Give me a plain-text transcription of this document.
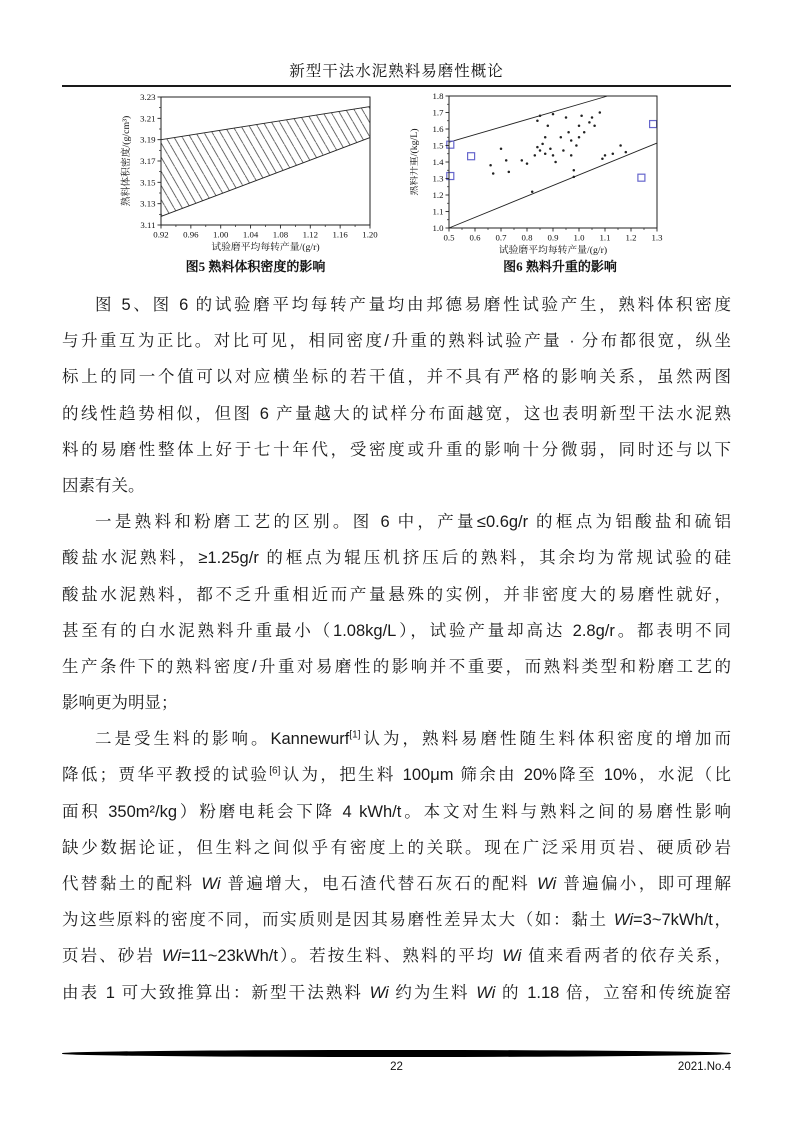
新型干法水泥熟料易磨性概论
0.92 0.96 1.00 1.04 1.08 1.12 1.16 1.20
3.11
3.13
3.15
3.17
3.19
3.21
3.23
试验磨平均每转产量/(g/r)
熟料体积密度/(g/cm³)
图5 熟料体积密度的影响
0.5 0.6 0.7 0.8 0.9 1.0 1.1 1.2 1.3
1.0
1.1
1.2
1.3
1.4
1.5
1.6
1.7
1.8
试验磨平均每转产量/(g/r)
熟料升重/(kg/L)
图6 熟料升重的影响
图 5、图 6 的试验磨平均每转产量均由邦德易磨性试验产生，熟料体积密度
与升重互为正比。对比可见，相同密度/升重的熟料试验产量 · 分布都很宽，纵坐
标上的同一个值可以对应横坐标的若干值，并不具有严格的影响关系，虽然两图
的线性趋势相似，但图 6 产量越大的试样分布面越宽，这也表明新型干法水泥熟
料的易磨性整体上好于七十年代，受密度或升重的影响十分微弱，同时还与以下
因素有关。
一是熟料和粉磨工艺的区别。图 6 中，产量≤0.6g/r 的框点为铝酸盐和硫铝
酸盐水泥熟料，≥1.25g/r 的框点为辊压机挤压后的熟料，其余均为常规试验的硅
酸盐水泥熟料，都不乏升重相近而产量悬殊的实例，并非密度大的易磨性就好，
甚至有的白水泥熟料升重最小（1.08kg/L），试验产量却高达 2.8g/r。都表明不同
生产条件下的熟料密度/升重对易磨性的影响并不重要，而熟料类型和粉磨工艺的
影响更为明显；
二是受生料的影响。Kannewurf[1]认为，熟料易磨性随生料体积密度的增加而
降低；贾华平教授的试验[6]认为，把生料 100μm 筛余由 20%降至 10%，水泥（比
面积 350m²/kg）粉磨电耗会下降 4 kWh/t。本文对生料与熟料之间的易磨性影响
缺少数据论证，但生料之间似乎有密度上的关联。现在广泛采用页岩、硬质砂岩
代替黏土的配料 Wi 普遍增大，电石渣代替石灰石的配料 Wi 普遍偏小，即可理解
为这些原料的密度不同，而实质则是因其易磨性差异太大（如：黏土 Wi=3~7kWh/t，
页岩、砂岩 Wi=11~23kWh/t）。若按生料、熟料的平均 Wi 值来看两者的依存关系，
由表 1 可大致推算出：新型干法熟料 Wi 约为生料 Wi 的 1.18 倍，立窑和传统旋窑
22	2021.No.4
